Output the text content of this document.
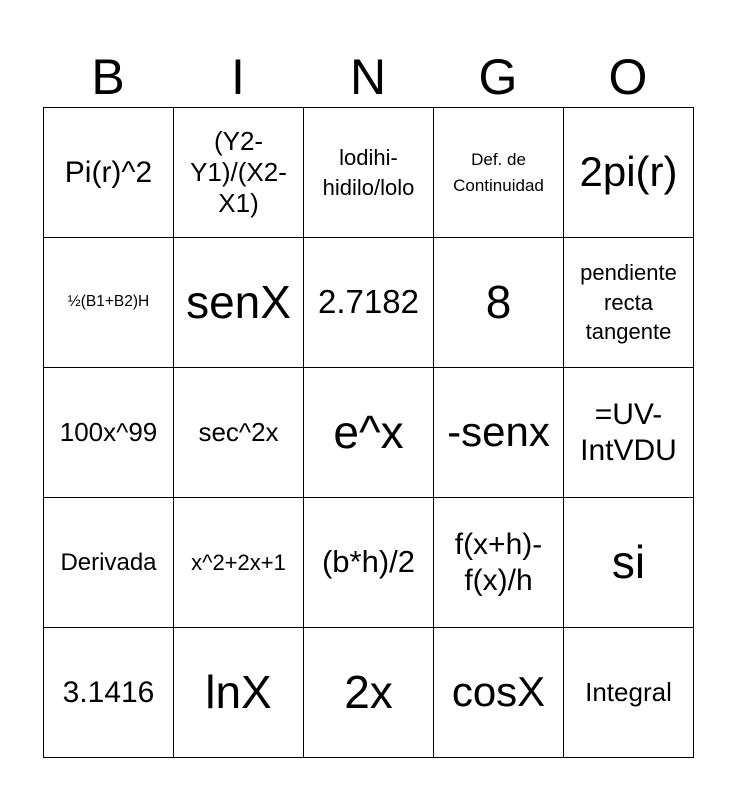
B	I	N	G	O
Pi(r)^2	(Y2-Y1)/(X2-X1)	lodihi-hidilo/lolo	Def. de Continuidad	2pi(r)
½(B1+B2)H	senX	2.7182	8	pendiente recta tangente
100x^99	sec^2x	e^x	-senx	=UV-IntVDU
Derivada	x^2+2x+1	(b*h)/2	f(x+h)-f(x)/h	si
3.1416	lnX	2x	cosX	Integral
